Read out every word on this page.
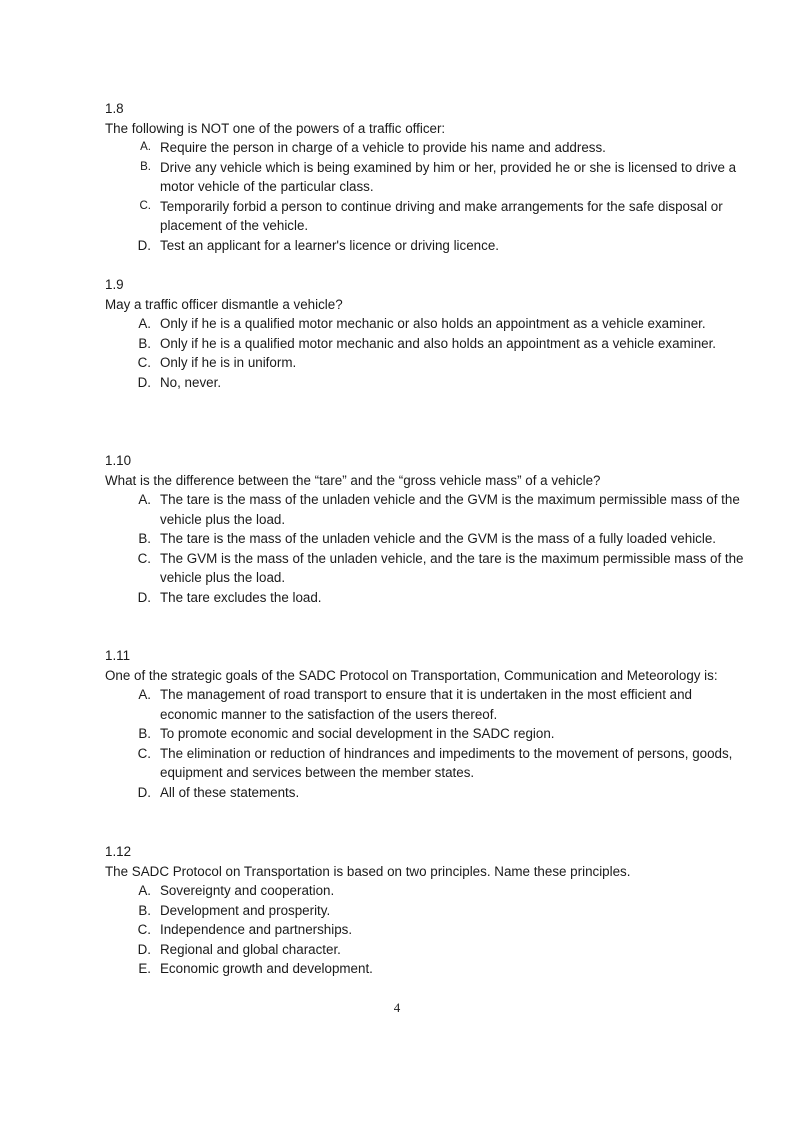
1.8

The following is NOT one of the powers of a traffic officer:

A. Require the person in charge of a vehicle to provide his name and address.
B. Drive any vehicle which is being examined by him or her, provided he or she is licensed to drive a motor vehicle of the particular class.
C. Temporarily forbid a person to continue driving and make arrangements for the safe disposal or placement of the vehicle.
D. Test an applicant for a learner's licence or driving licence.

1.9

May a traffic officer dismantle a vehicle?

A. Only if he is a qualified motor mechanic or also holds an appointment as a vehicle examiner.
B. Only if he is a qualified motor mechanic and also holds an appointment as a vehicle examiner.
C. Only if he is in uniform.
D. No, never.

1.10

What is the difference between the “tare” and the “gross vehicle mass” of a vehicle?

A. The tare is the mass of the unladen vehicle and the GVM is the maximum permissible mass of the vehicle plus the load.
B. The tare is the mass of the unladen vehicle and the GVM is the mass of a fully loaded vehicle.
C. The GVM is the mass of the unladen vehicle, and the tare is the maximum permissible mass of the vehicle plus the load.
D. The tare excludes the load.

1.11

One of the strategic goals of the SADC Protocol on Transportation, Communication and Meteorology is:

A. The management of road transport to ensure that it is undertaken in the most efficient and economic manner to the satisfaction of the users thereof.
B. To promote economic and social development in the SADC region.
C. The elimination or reduction of hindrances and impediments to the movement of persons, goods, equipment and services between the member states.
D. All of these statements.

1.12

The SADC Protocol on Transportation is based on two principles. Name these principles.

A. Sovereignty and cooperation.
B. Development and prosperity.
C. Independence and partnerships.
D. Regional and global character.
E. Economic growth and development.
4
